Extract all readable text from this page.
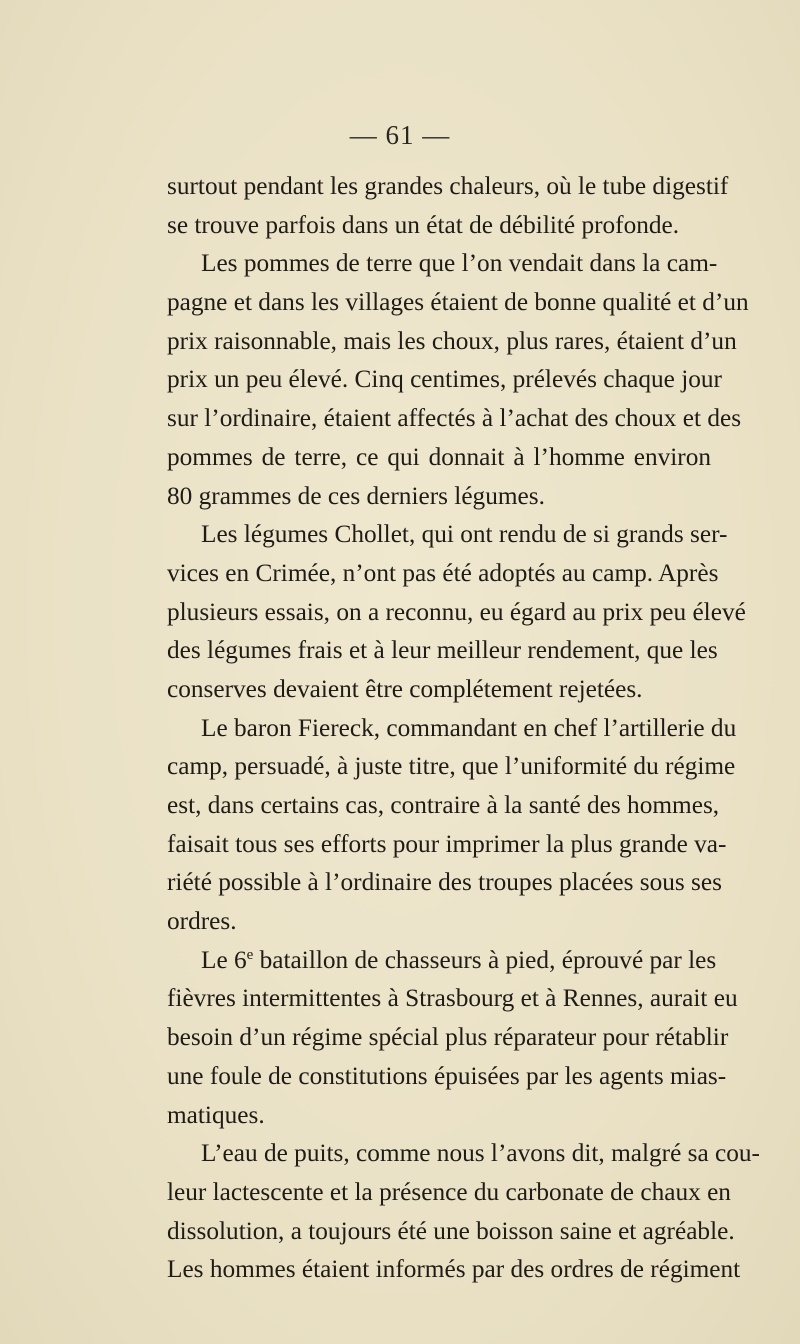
— 61 —
surtout pendant les grandes chaleurs, où le tube digestif
se trouve parfois dans un état de débilité profonde.
Les pommes de terre que l’on vendait dans la cam-
pagne et dans les villages étaient de bonne qualité et d’un
prix raisonnable, mais les choux, plus rares, étaient d’un
prix un peu élevé. Cinq centimes, prélevés chaque jour
sur l’ordinaire, étaient affectés à l’achat des choux et des
pommes de terre, ce qui donnait à l’homme environ
80 grammes de ces derniers légumes.
Les légumes Chollet, qui ont rendu de si grands ser-
vices en Crimée, n’ont pas été adoptés au camp. Après
plusieurs essais, on a reconnu, eu égard au prix peu élevé
des légumes frais et à leur meilleur rendement, que les
conserves devaient être complétement rejetées.
Le baron Fiereck, commandant en chef l’artillerie du
camp, persuadé, à juste titre, que l’uniformité du régime
est, dans certains cas, contraire à la santé des hommes,
faisait tous ses efforts pour imprimer la plus grande va-
riété possible à l’ordinaire des troupes placées sous ses
ordres.
Le 6e bataillon de chasseurs à pied, éprouvé par les
fièvres intermittentes à Strasbourg et à Rennes, aurait eu
besoin d’un régime spécial plus réparateur pour rétablir
une foule de constitutions épuisées par les agents mias-
matiques.
L’eau de puits, comme nous l’avons dit, malgré sa cou-
leur lactescente et la présence du carbonate de chaux en
dissolution, a toujours été une boisson saine et agréable.
Les hommes étaient informés par des ordres de régiment
